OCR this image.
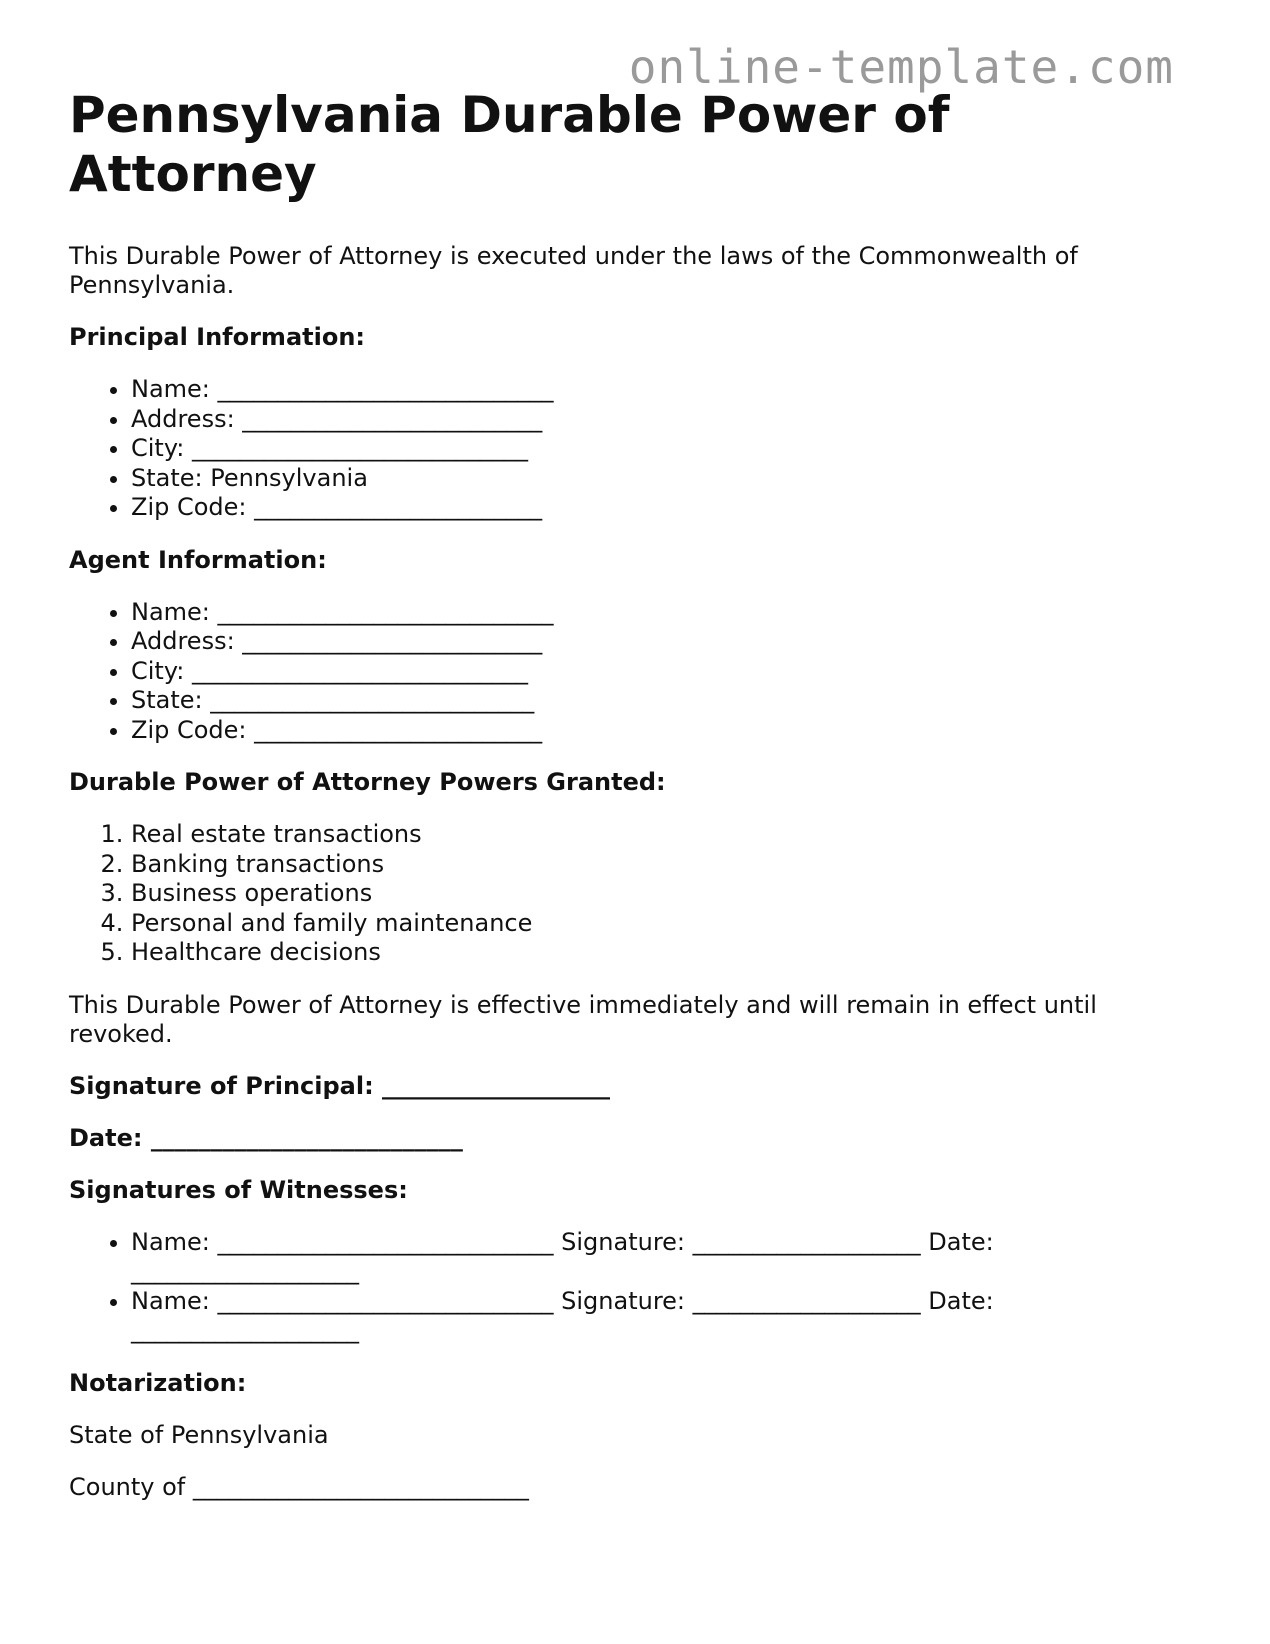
online-template.com
Pennsylvania Durable Power of Attorney

This Durable Power of Attorney is executed under the laws of the Commonwealth of Pennsylvania.

Principal Information:

• Name: ____________________________
• Address: _________________________
• City: ____________________________
• State: Pennsylvania
• Zip Code: ________________________

Agent Information:

• Name: ____________________________
• Address: _________________________
• City: ____________________________
• State: ___________________________
• Zip Code: ________________________

Durable Power of Attorney Powers Granted:

1. Real estate transactions
2. Banking transactions
3. Business operations
4. Personal and family maintenance
5. Healthcare decisions

This Durable Power of Attorney is effective immediately and will remain in effect until revoked.

Signature of Principal: ___________________

Date: __________________________

Signatures of Witnesses:

• Name: ____________________________ Signature: ___________________ Date: ___________________
• Name: ____________________________ Signature: ___________________ Date: ___________________

Notarization:

State of Pennsylvania

County of ____________________________
